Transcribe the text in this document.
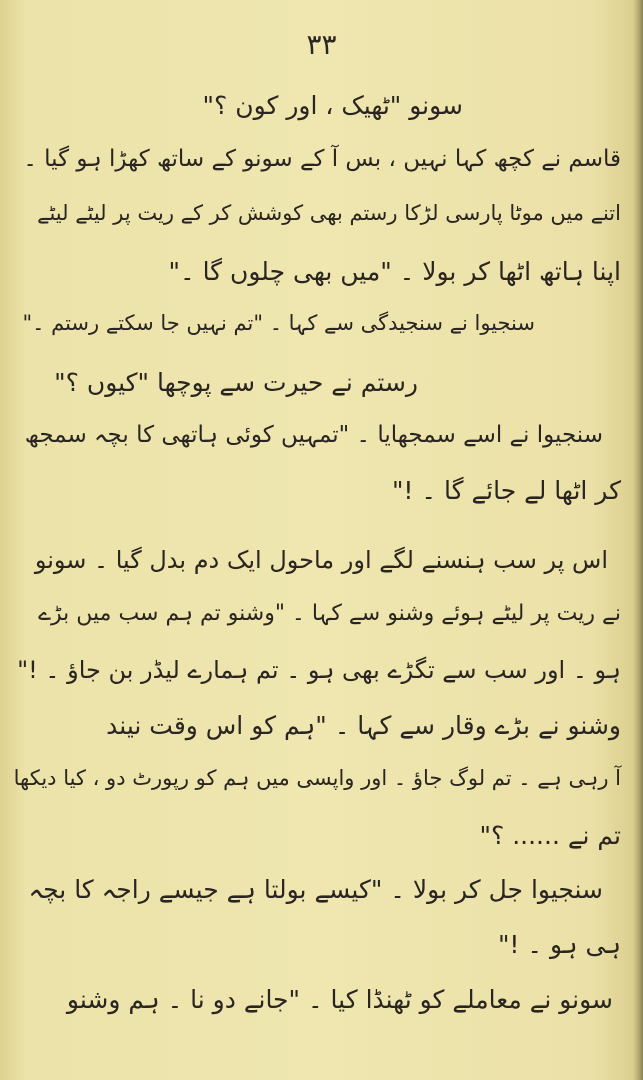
۳۳
سونو "ٹھیک ، اور کون ؟"
قاسم نے کچھ کہا نہیں ، بس آ کے سونو کے ساتھ کھڑا ہو گیا ۔
اتنے میں موٹا پارسی لڑکا رستم بھی کوشش کر کے ریت پر لیٹے لیٹے
اپنا ہاتھ اٹھا کر بولا ۔ "میں بھی چلوں گا ۔"
سنجیوا نے سنجیدگی سے کہا ۔ "تم نہیں جا سکتے رستم ۔"
رستم نے حیرت سے پوچھا "کیوں ؟"
سنجیوا نے اسے سمجھایا ۔ "تمہیں کوئی ہاتھی کا بچہ سمجھ
کر اٹھا لے جائے گا ۔ !"
اس پر سب ہنسنے لگے اور ماحول ایک دم بدل گیا ۔ سونو
نے ریت پر لیٹے ہوئے وشنو سے کہا ۔ "وشنو تم ہم سب میں بڑے
ہو ۔ اور سب سے تگڑے بھی ہو ۔ تم ہمارے لیڈر بن جاؤ ۔ !"
وشنو نے بڑے وقار سے کہا ۔ "ہم کو اس وقت نیند
آ رہی ہے ۔ تم لوگ جاؤ ۔ اور واپسی میں ہم کو رپورٹ دو ، کیا دیکھا
تم نے ...... ؟"
سنجیوا جل کر بولا ۔ "کیسے بولتا ہے جیسے راجہ کا بچہ
ہی ہو ۔ !"
سونو نے معاملے کو ٹھنڈا کیا ۔ "جانے دو نا ۔ ہم وشنو
